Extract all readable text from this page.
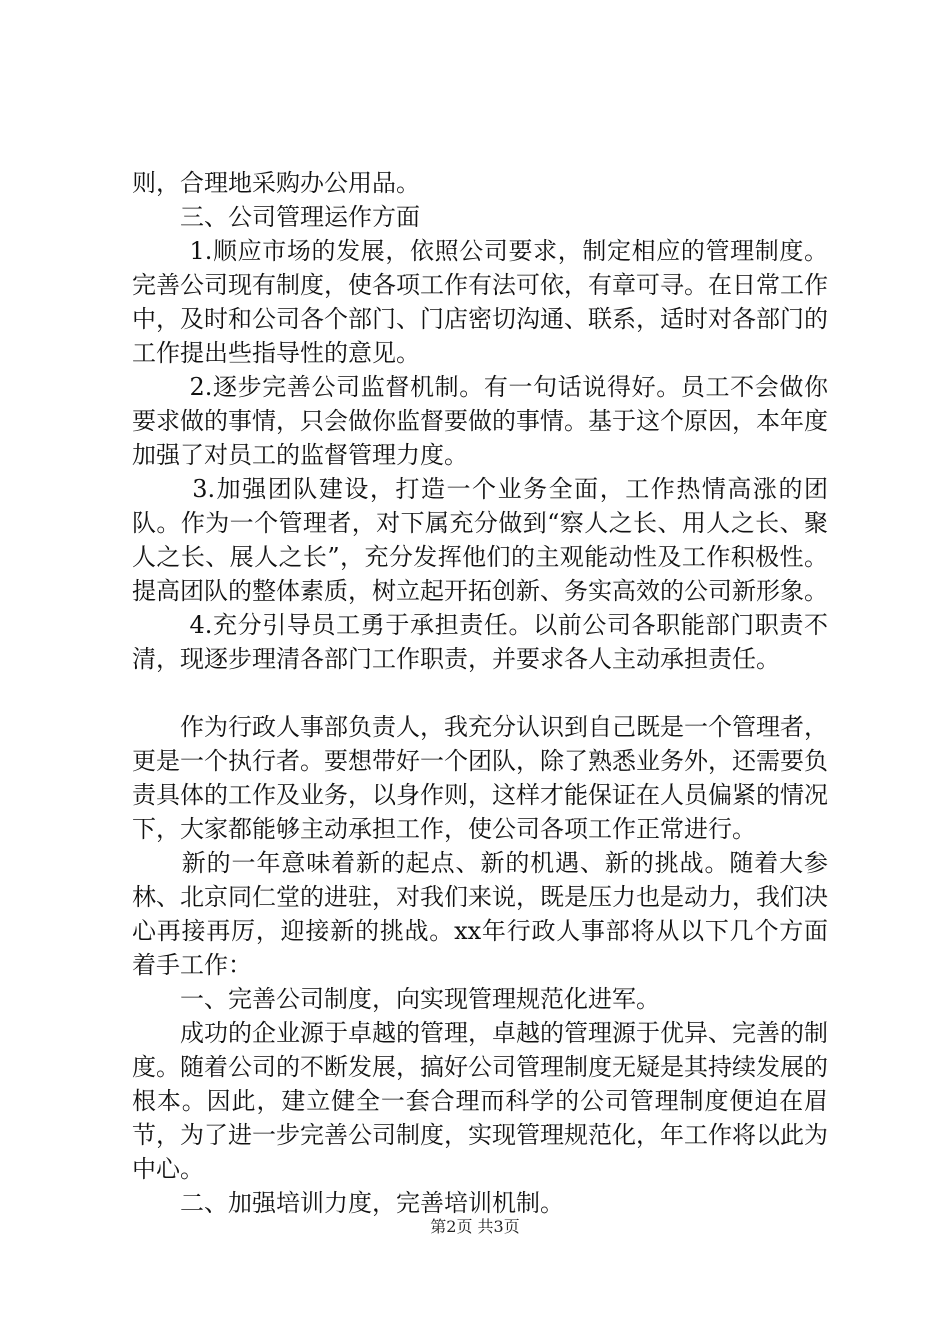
则，合理地采购办公用品。

　　三、公司管理运作方面

　　 1.顺应市场的发展，依照公司要求，制定相应的管理制度。完善公司现有制度，使各项工作有法可依，有章可寻。在日常工作中，及时和公司各个部门、门店密切沟通、联系，适时对各部门的工作提出些指导性的意见。

　　 2.逐步完善公司监督机制。有一句话说得好。员工不会做你要求做的事情，只会做你监督要做的事情。基于这个原因，本年度加强了对员工的监督管理力度。

　　 3.加强团队建设，打造一个业务全面，工作热情高涨的团队。作为一个管理者，对下属充分做到“察人之长、用人之长、聚人之长、展人之长”，充分发挥他们的主观能动性及工作积极性。提高团队的整体素质，树立起开拓创新、务实高效的公司新形象。

　　 4.充分引导员工勇于承担责任。以前公司各职能部门职责不清，现逐步理清各部门工作职责，并要求各人主动承担责任。

　　作为行政人事部负责人，我充分认识到自己既是一个管理者，更是一个执行者。要想带好一个团队，除了熟悉业务外，还需要负责具体的工作及业务，以身作则，这样才能保证在人员偏紧的情况下，大家都能够主动承担工作，使公司各项工作正常进行。

　　新的一年意味着新的起点、新的机遇、新的挑战。随着大参林、北京同仁堂的进驻，对我们来说，既是压力也是动力，我们决心再接再厉，迎接新的挑战。xx年行政人事部将从以下几个方面着手工作：

　　一、完善公司制度，向实现管理规范化进军。

　　成功的企业源于卓越的管理，卓越的管理源于优异、完善的制度。随着公司的不断发展，搞好公司管理制度无疑是其持续发展的根本。因此，建立健全一套合理而科学的公司管理制度便迫在眉节，为了进一步完善公司制度，实现管理规范化，年工作将以此为中心。

　　二、加强培训力度，完善培训机制。

第2页 共3页
